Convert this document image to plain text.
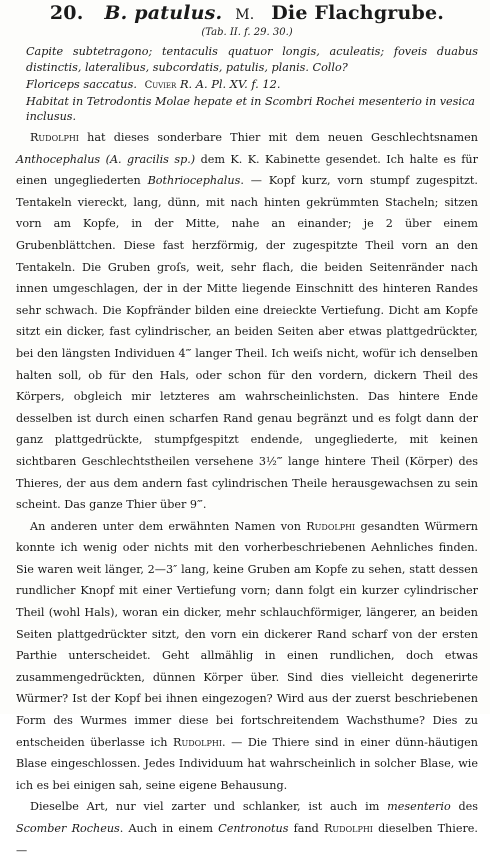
20. B. patulus. M. Die Flachgrube.

(Tab. II. f. 29. 30.)

Capite subtetragono; tentaculis quatuor longis, aculeatis; foveis duabus distinctis, lateralibus, subcordatis, patulis, planis. Collo?

Floriceps saccatus. Cuvier R. A. Pl. XV. f. 12.

Habitat in Tetrodontis Molae hepate et in Scombri Rochei mesenterio in vesica inclusus.

Rudolphi hat dieses sonderbare Thier mit dem neuen Geschlechtsnamen Anthocephalus (A. gracilis sp.) dem K. K. Kabinette gesendet. Ich halte es für einen ungegliederten Bothriocephalus. — Kopf kurz, vorn stumpf zugespitzt. Tentakeln viereckt, lang, dünn, mit nach hinten gekrümmten Stacheln; sitzen vorn am Kopfe, in der Mitte, nahe an einander; je 2 über einem Grubenblättchen. Diese fast herzförmig, der zugespitzte Theil vorn an den Tentakeln. Die Gruben groſs, weit, sehr flach, die beiden Seitenränder nach innen umgeschlagen, der in der Mitte liegende Einschnitt des hinteren Randes sehr schwach. Die Kopfränder bilden eine dreieckte Vertiefung. Dicht am Kopfe sitzt ein dicker, fast cylindrischer, an beiden Seiten aber etwas plattgedrückter, bei den längsten Individuen 4‴ langer Theil. Ich weiſs nicht, wofür ich denselben halten soll, ob für den Hals, oder schon für den vordern, dickern Theil des Körpers, obgleich mir letzteres am wahrscheinlichsten. Das hintere Ende desselben ist durch einen scharfen Rand genau begränzt und es folgt dann der ganz plattgedrückte, stumpfgespitzt endende, ungegliederte, mit keinen sichtbaren Geschlechtstheilen versehene 3½‴ lange hintere Theil (Körper) des Thieres, der aus dem andern fast cylindrischen Theile herausgewachsen zu sein scheint. Das ganze Thier über 9‴.

An anderen unter dem erwähnten Namen von Rudolphi gesandten Würmern konnte ich wenig oder nichts mit den vorherbeschriebenen Aehnliches finden. Sie waren weit länger, 2—3″ lang, keine Gruben am Kopfe zu sehen, statt dessen rundlicher Knopf mit einer Vertiefung vorn; dann folgt ein kurzer cylindrischer Theil (wohl Hals), woran ein dicker, mehr schlauchförmiger, längerer, an beiden Seiten plattgedrückter sitzt, den vorn ein dickerer Rand scharf von der ersten Parthie unterscheidet. Geht allmählig in einen rundlichen, doch etwas zusammengedrückten, dünnen Körper über. Sind dies vielleicht degenerirte Würmer? Ist der Kopf bei ihnen eingezogen? Wird aus der zuerst beschriebenen Form des Wurmes immer diese bei fortschreitendem Wachsthume? Dies zu entscheiden überlasse ich Rudolphi. — Die Thiere sind in einer dünn-häutigen Blase eingeschlossen. Jedes Individuum hat wahrscheinlich in solcher Blase, wie ich es bei einigen sah, seine eigene Behausung.

Dieselbe Art, nur viel zarter und schlanker, ist auch im mesenterio des Scomber Rocheus. Auch in einem Centronotus fand Rudolphi dieselben Thiere. —
